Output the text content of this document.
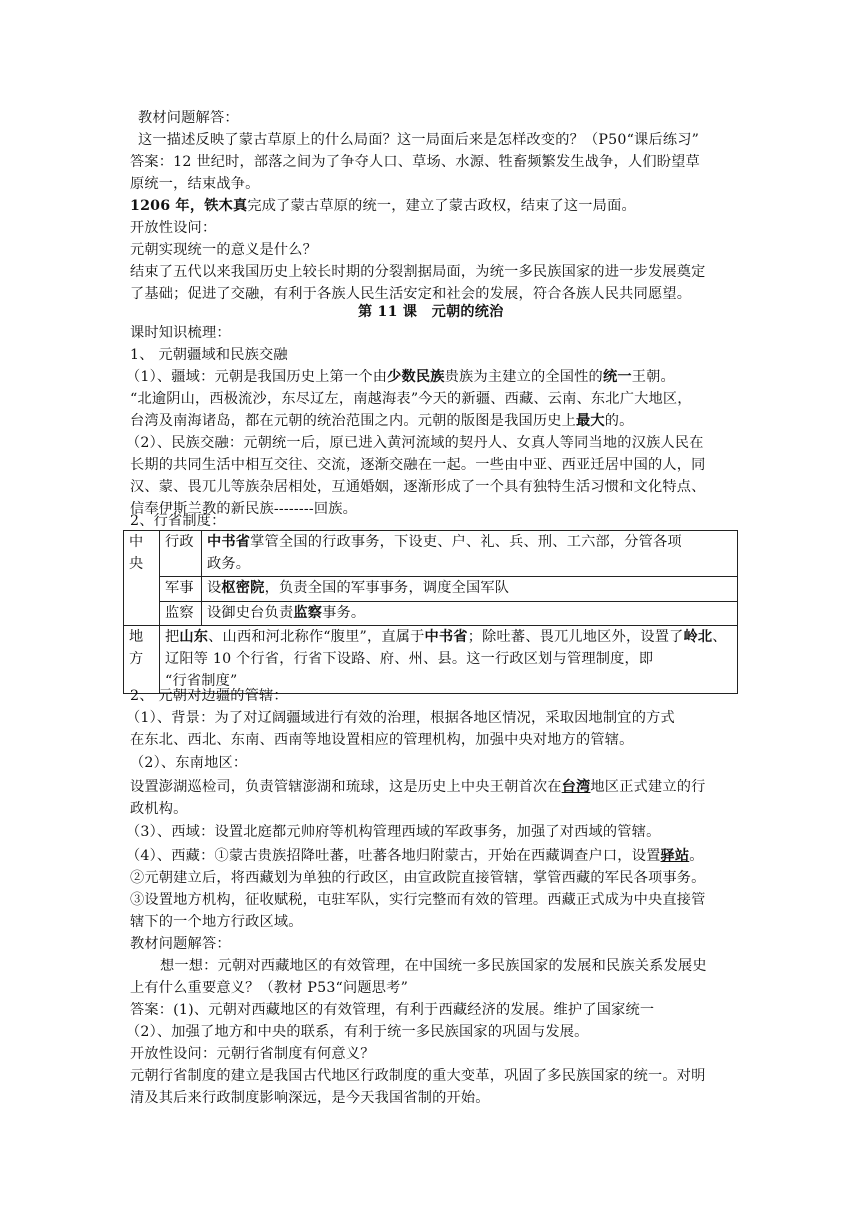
教材问题解答：
这一描述反映了蒙古草原上的什么局面？这一局面后来是怎样改变的？（P50“课后练习”
答案：12 世纪时，部落之间为了争夺人口、草场、水源、牲畜频繁发生战争，人们盼望草
原统一，结束战争。
1206 年，铁木真完成了蒙古草原的统一，建立了蒙古政权，结束了这一局面。
开放性设问：
元朝实现统一的意义是什么？
结束了五代以来我国历史上较长时期的分裂割据局面，为统一多民族国家的进一步发展奠定
了基础；促进了交融，有利于各族人民生活安定和社会的发展，符合各族人民共同愿望。
第 11 课　元朝的统治
课时知识梳理：
1、 元朝疆域和民族交融
（1）、疆域：元朝是我国历史上第一个由少数民族贵族为主建立的全国性的统一王朝。
“北逾阴山，西极流沙，东尽辽左，南越海表”今天的新疆、西藏、云南、东北广大地区，
台湾及南海诸岛，都在元朝的统治范围之内。元朝的版图是我国历史上最大的。
（2）、民族交融：元朝统一后，原已进入黄河流域的契丹人、女真人等同当地的汉族人民在
长期的共同生活中相互交往、交流，逐渐交融在一起。一些由中亚、西亚迁居中国的人，同
汉、蒙、畏兀儿等族杂居相处，互通婚姻，逐渐形成了一个具有独特生活习惯和文化特点、
信奉伊斯兰教的新民族--------回族。
2、行省制度：
中央	行政	中书省掌管全国的行政事务，下设吏、户、礼、兵、刑、工六部，分管各项
政务。
	军事	设枢密院，负责全国的军事事务，调度全国军队
	监察	设御史台负责监察事务。
地方	把山东、山西和河北称作“腹里”，直属于中书省；除吐蕃、畏兀儿地区外，设置了岭北、辽阳等 10 个行省，行省下设路、府、州、县。这一行政区划与管理制度，即
“行省制度”	
2、 元朝对边疆的管辖：
（1）、背景：为了对辽阔疆域进行有效的治理，根据各地区情况，采取因地制宜的方式
在东北、西北、东南、西南等地设置相应的管理机构，加强中央对地方的管辖。
（2）、东南地区：
设置澎湖巡检司，负责管辖澎湖和琉球，这是历史上中央王朝首次在台湾地区正式建立的行
政机构。
（3）、西域：设置北庭都元帅府等机构管理西域的军政事务，加强了对西域的管辖。
（4）、西藏：①蒙古贵族招降吐蕃，吐蕃各地归附蒙古，开始在西藏调查户口，设置驿站。
②元朝建立后，将西藏划为单独的行政区，由宣政院直接管辖，掌管西藏的军民各项事务。
③设置地方机构，征收赋税，屯驻军队，实行完整而有效的管理。西藏正式成为中央直接管
辖下的一个地方行政区域。
教材问题解答：
想一想：元朝对西藏地区的有效管理，在中国统一多民族国家的发展和民族关系发展史
上有什么重要意义？（教材 P53“问题思考”
答案：(1)、元朝对西藏地区的有效管理，有利于西藏经济的发展。维护了国家统一
（2）、加强了地方和中央的联系，有利于统一多民族国家的巩固与发展。
开放性设问：元朝行省制度有何意义？
元朝行省制度的建立是我国古代地区行政制度的重大变革，巩固了多民族国家的统一。对明
清及其后来行政制度影响深远，是今天我国省制的开始。
